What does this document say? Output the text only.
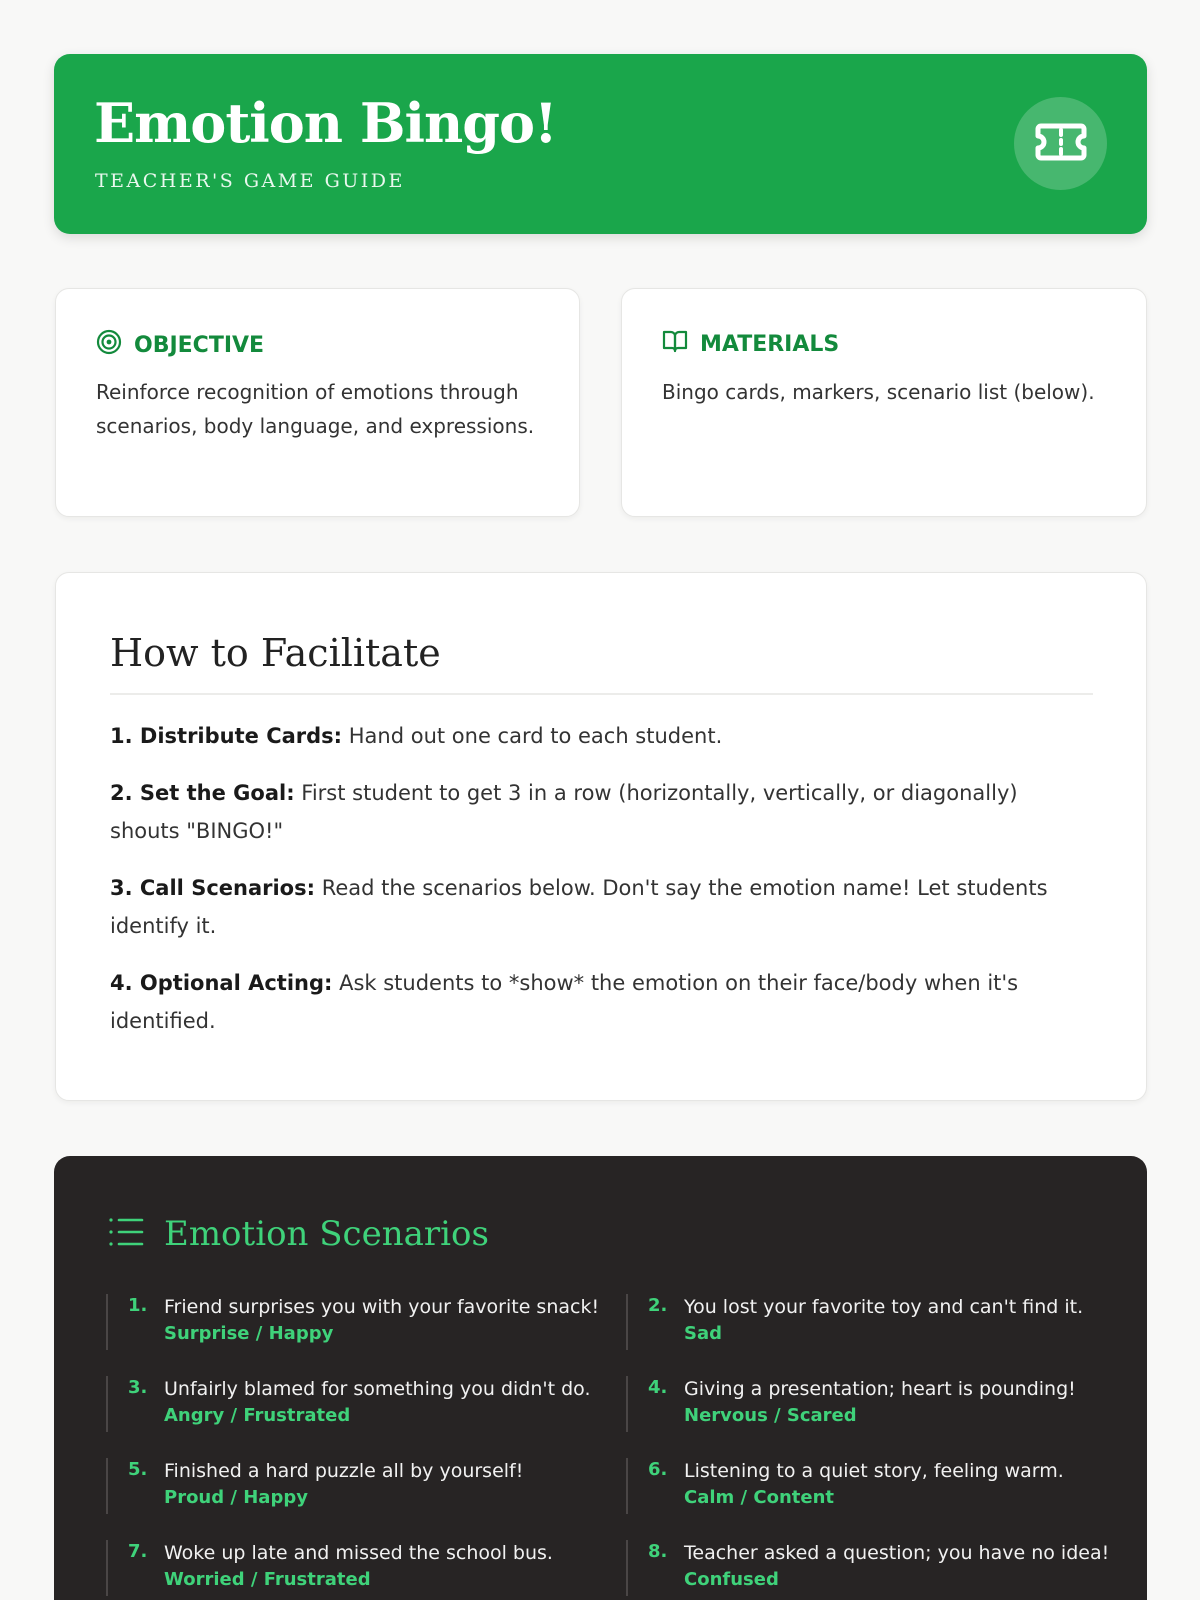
Emotion Bingo!
TEACHER'S GAME GUIDE
OBJECTIVE
Reinforce recognition of emotions through scenarios, body language, and expressions.
MATERIALS
Bingo cards, markers, scenario list (below).
How to Facilitate
1. Distribute Cards: Hand out one card to each student.
2. Set the Goal: First student to get 3 in a row (horizontally, vertically, or diagonally) shouts "BINGO!"
3. Call Scenarios: Read the scenarios below. Don't say the emotion name! Let students identify it.
4. Optional Acting: Ask students to *show* the emotion on their face/body when it's identified.
Emotion Scenarios
1. Friend surprises you with your favorite snack!
Surprise / Happy
2. You lost your favorite toy and can't find it.
Sad
3. Unfairly blamed for something you didn't do.
Angry / Frustrated
4. Giving a presentation; heart is pounding!
Nervous / Scared
5. Finished a hard puzzle all by yourself!
Proud / Happy
6. Listening to a quiet story, feeling warm.
Calm / Content
7. Woke up late and missed the school bus.
Worried / Frustrated
8. Teacher asked a question; you have no idea!
Confused
